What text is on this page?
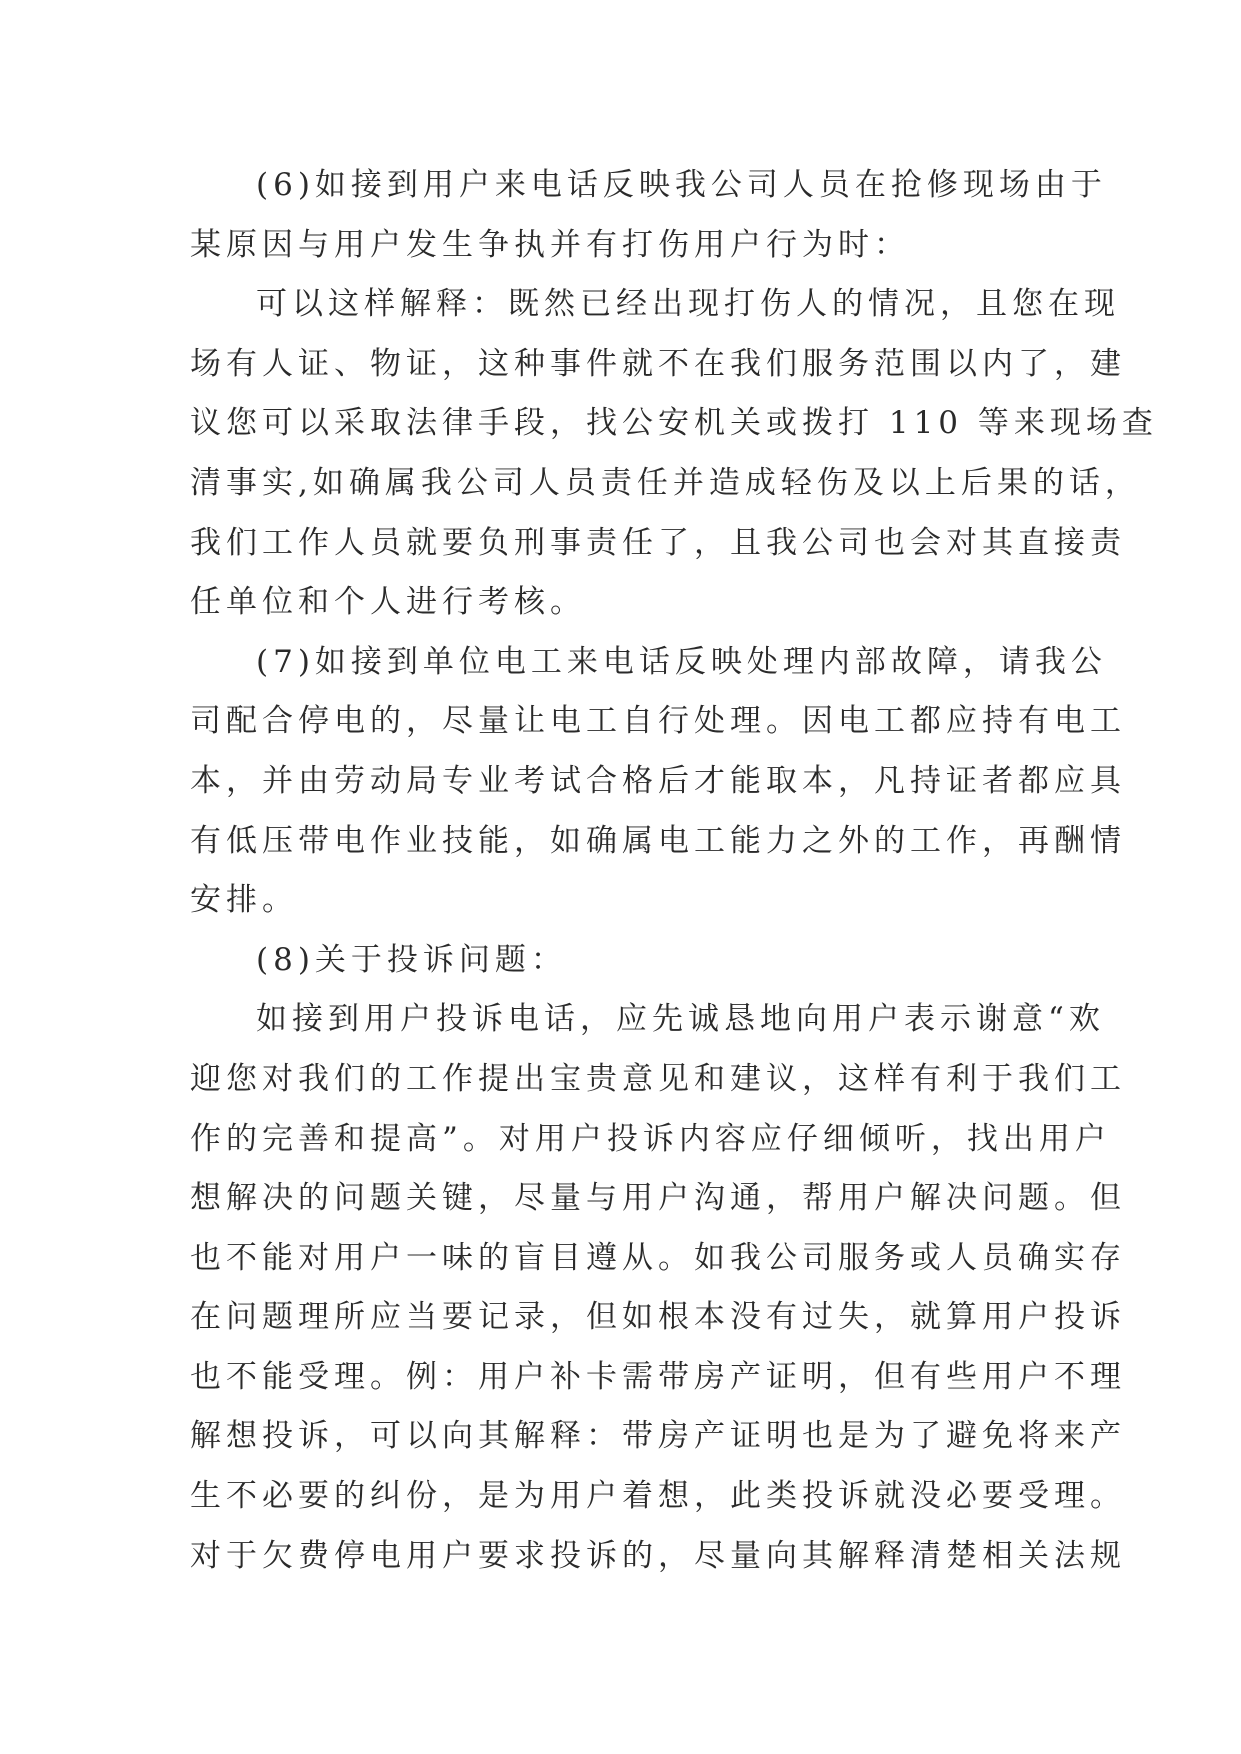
(6)如接到用户来电话反映我公司人员在抢修现场由于
某原因与用户发生争执并有打伤用户行为时：
可以这样解释：既然已经出现打伤人的情况，且您在现
场有人证、物证，这种事件就不在我们服务范围以内了，建
议您可以采取法律手段，找公安机关或拨打 110 等来现场查
清事实,如确属我公司人员责任并造成轻伤及以上后果的话，
我们工作人员就要负刑事责任了，且我公司也会对其直接责
任单位和个人进行考核。
(7)如接到单位电工来电话反映处理内部故障，请我公
司配合停电的，尽量让电工自行处理。因电工都应持有电工
本，并由劳动局专业考试合格后才能取本，凡持证者都应具
有低压带电作业技能，如确属电工能力之外的工作，再酬情
安排。
(8)关于投诉问题：
如接到用户投诉电话，应先诚恳地向用户表示谢意“欢
迎您对我们的工作提出宝贵意见和建议，这样有利于我们工
作的完善和提高”。对用户投诉内容应仔细倾听，找出用户
想解决的问题关键，尽量与用户沟通，帮用户解决问题。但
也不能对用户一味的盲目遵从。如我公司服务或人员确实存
在问题理所应当要记录，但如根本没有过失，就算用户投诉
也不能受理。例：用户补卡需带房产证明，但有些用户不理
解想投诉，可以向其解释：带房产证明也是为了避免将来产
生不必要的纠份，是为用户着想，此类投诉就没必要受理。
对于欠费停电用户要求投诉的，尽量向其解释清楚相关法规
